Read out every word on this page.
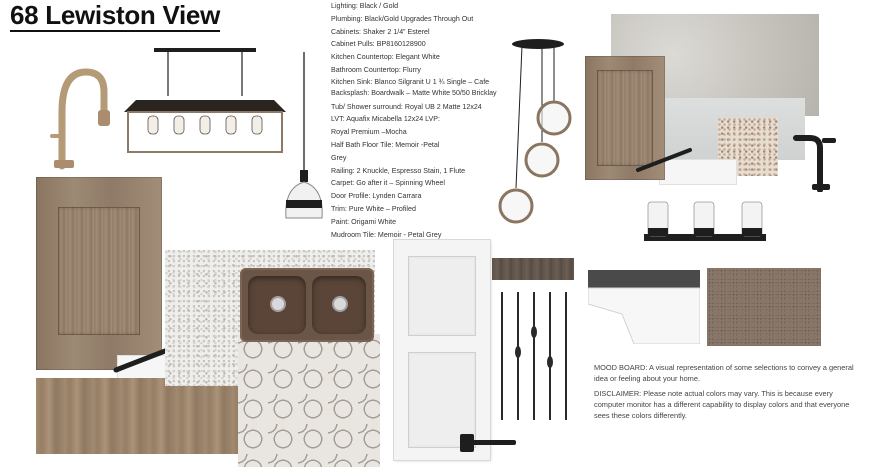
68 Lewiston View	Lighting: Black / Gold
Plumbing: Black/Gold Upgrades Through Out
Cabinets: Shaker 2 1/4” Esterel
Cabinet Pulls: BP8160128900
Kitchen Countertop: Elegant White
Bathroom Countertop: Flurry
Kitchen Sink: Blanco Silgranit U 1 ¾ Single – Cafe
Backsplash: Boardwalk – Matte White 50/50 Bricklay
Tub/ Shower surround: Royal UB 2 Matte 12x24
LVT: Aquafix Micabella 12x24 LVP:
Royal Premium –Mocha
Half Bath Floor Tile: Memoir -Petal
Grey
Railing: 2 Knuckle, Espresso Stain, 1 Flute
Carpet: Go after it – Spinning Wheel
Door Profile: Lynden Carrara
Trim: Pure White – Profiled
Paint: Origami White
Mudroom Tile: Memoir - Petal Grey

MOOD BOARD: A visual representation of some selections to convey a general idea or feeling about your home.

DISCLAIMER: Please note actual colors may vary. This is because every computer monitor has a different capability to display colors and that everyone sees these colors differently.
